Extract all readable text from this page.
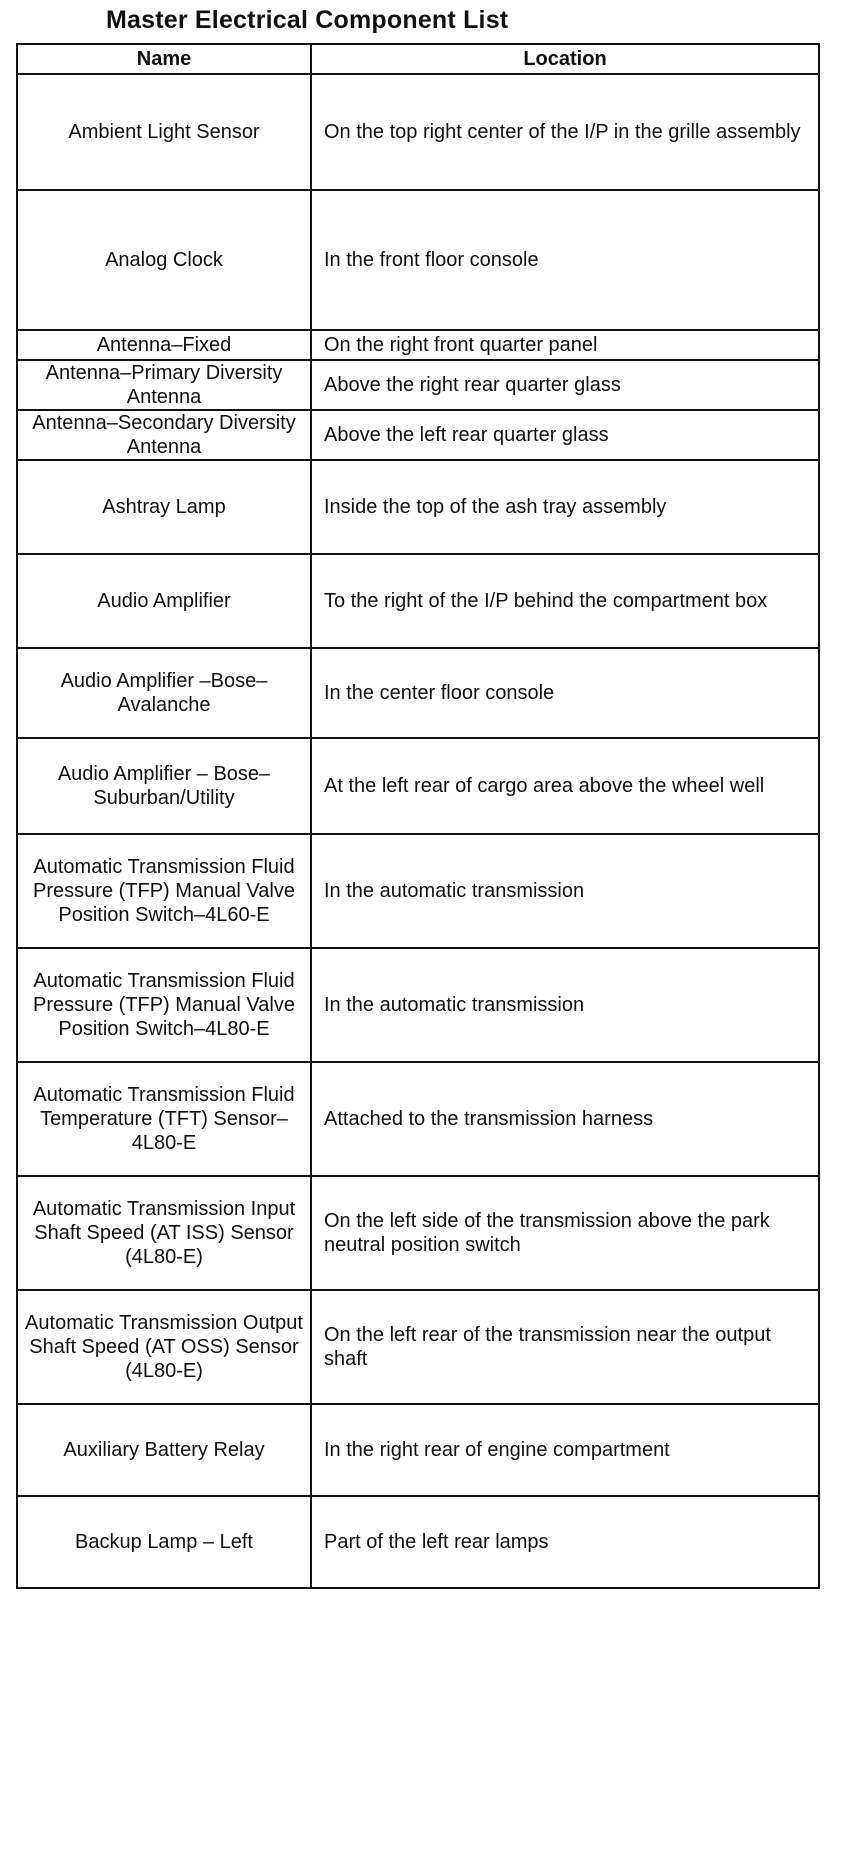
Master Electrical Component List
Name	Location
Ambient Light Sensor	On the top right center of the I/P in the grille assembly
Analog Clock	In the front floor console
Antenna–Fixed	On the right front quarter panel
Antenna–Primary Diversity Antenna	Above the right rear quarter glass
Antenna–Secondary Diversity Antenna	Above the left rear quarter glass
Ashtray Lamp	Inside the top of the ash tray assembly
Audio Amplifier	To the right of the I/P behind the compartment box
Audio Amplifier –Bose–Avalanche	In the center floor console
Audio Amplifier – Bose–Suburban/Utility	At the left rear of cargo area above the wheel well
Automatic Transmission Fluid Pressure (TFP) Manual Valve Position Switch–4L60-E	In the automatic transmission
Automatic Transmission Fluid Pressure (TFP) Manual Valve Position Switch–4L80-E	In the automatic transmission
Automatic Transmission Fluid Temperature (TFT) Sensor–4L80-E	Attached to the transmission harness
Automatic Transmission Input Shaft Speed (AT ISS) Sensor (4L80-E)	On the left side of the transmission above the park neutral position switch
Automatic Transmission Output Shaft Speed (AT OSS) Sensor (4L80-E)	On the left rear of the transmission near the output shaft
Auxiliary Battery Relay	In the right rear of engine compartment
Backup Lamp – Left	Part of the left rear lamps
